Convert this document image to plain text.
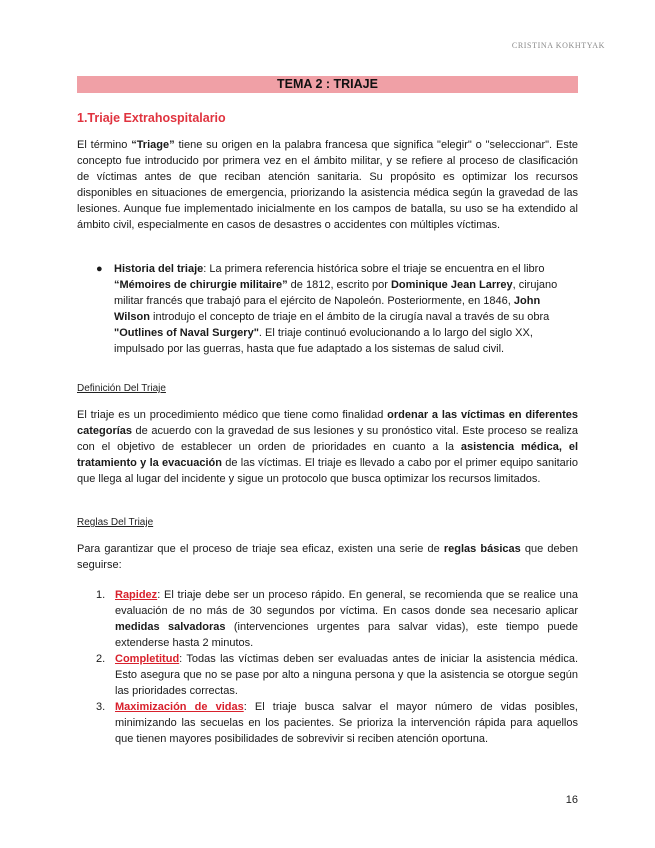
CRISTINA KOKHTYAK
TEMA 2 : TRIAJE
1.Triaje Extrahospitalario

El término “Triage” tiene su origen en la palabra francesa que significa "elegir" o "seleccionar". Este concepto fue introducido por primera vez en el ámbito militar, y se refiere al proceso de clasificación de víctimas antes de que reciban atención sanitaria. Su propósito es optimizar los recursos disponibles en situaciones de emergencia, priorizando la asistencia médica según la gravedad de las lesiones. Aunque fue implementado inicialmente en los campos de batalla, su uso se ha extendido al ámbito civil, especialmente en casos de desastres o accidentes con múltiples víctimas.

●	Historia del triaje: La primera referencia histórica sobre el triaje se encuentra en el libro “Mémoires de chirurgie militaire” de 1812, escrito por Dominique Jean Larrey, cirujano militar francés que trabajó para el ejército de Napoleón. Posteriormente, en 1846, John Wilson introdujo el concepto de triaje en el ámbito de la cirugía naval a través de su obra "Outlines of Naval Surgery". El triaje continuó evolucionando a lo largo del siglo XX, impulsado por las guerras, hasta que fue adaptado a los sistemas de salud civil.
Definición Del Triaje

El triaje es un procedimiento médico que tiene como finalidad ordenar a las víctimas en diferentes categorías de acuerdo con la gravedad de sus lesiones y su pronóstico vital. Este proceso se realiza con el objetivo de establecer un orden de prioridades en cuanto a la asistencia médica, el tratamiento y la evacuación de las víctimas. El triaje es llevado a cabo por el primer equipo sanitario que llega al lugar del incidente y sigue un protocolo que busca optimizar los recursos limitados.

Reglas Del Triaje

Para garantizar que el proceso de triaje sea eficaz, existen una serie de reglas básicas que deben seguirse:

1. Rapidez: El triaje debe ser un proceso rápido. En general, se recomienda que se realice una evaluación de no más de 30 segundos por víctima. En casos donde sea necesario aplicar medidas salvadoras (intervenciones urgentes para salvar vidas), este tiempo puede extenderse hasta 2 minutos.
2. Completitud: Todas las víctimas deben ser evaluadas antes de iniciar la asistencia médica. Esto asegura que no se pase por alto a ninguna persona y que la asistencia se otorgue según las prioridades correctas.
3. Maximización de vidas: El triaje busca salvar el mayor número de vidas posibles, minimizando las secuelas en los pacientes. Se prioriza la intervención rápida para aquellos que tienen mayores posibilidades de sobrevivir si reciben atención oportuna.
16
